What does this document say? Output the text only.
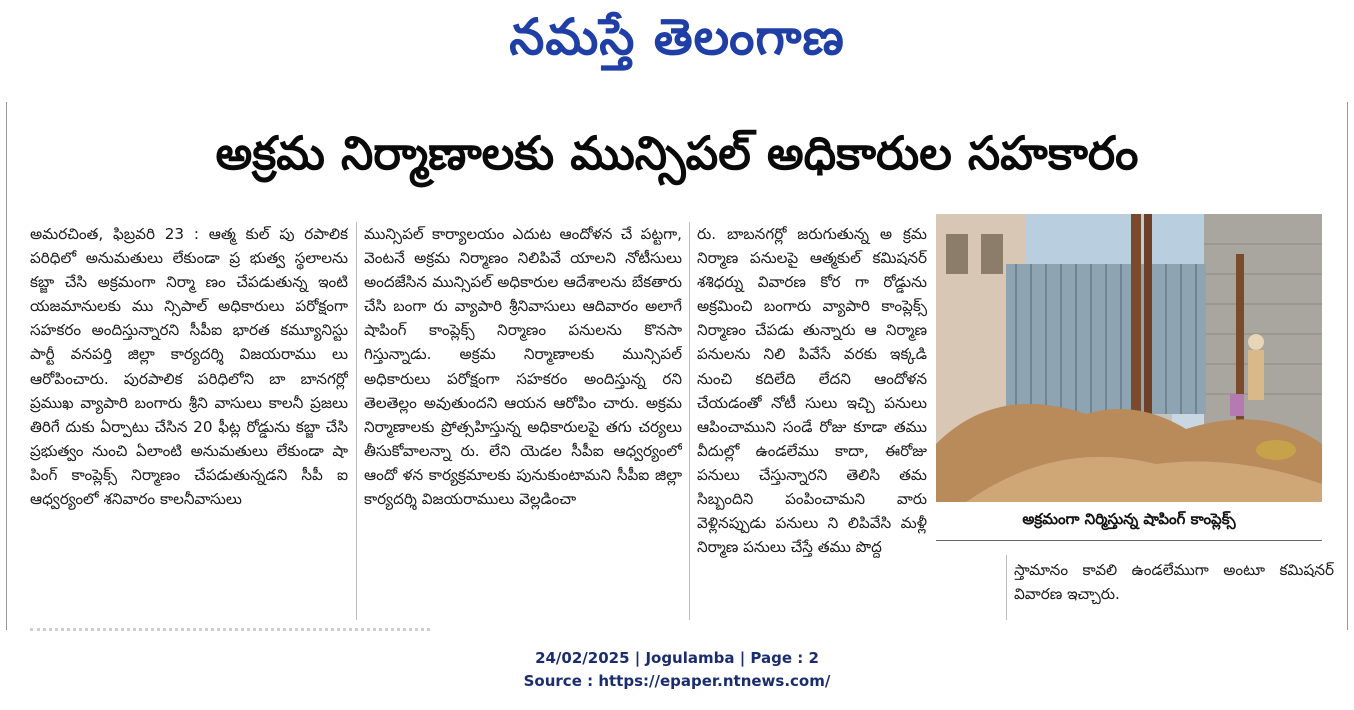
నమస్తే తెలంగాణ
అక్రమ నిర్మాణాలకు మున్సిపల్ అధికారుల సహకారం

అమరచింత, ఫిబ్రవరి 23 : ఆత్మ కుల్ పు రపాలిక పరిధిలో అనుమతులు లేకుండా ప్ర భుత్వ స్థలాలను కబ్జా చేసి అక్రమంగా నిర్మా ణం చేపడుతున్న ఇంటి యజమానులకు ము న్సిపాల్ అధికారులు పరోక్షంగా సహకరం అందిస్తున్నారని సీపీఐ భారత కమ్యూనిస్టు పార్టీ వనపర్తి జిల్లా కార్యదర్శి విజయరాము లు ఆరోపించారు. పురపాలిక పరిధిలోని బా బానగర్లో ప్రముఖ వ్యాపారి బంగారు శ్రీని వాసులు కాలనీ ప్రజలు తిరిగే దుకు ఏర్పాటు చేసిన 20 ఫీట్ల రోడ్డును కబ్జా చేసి ప్రభుత్వం నుంచి ఏలాంటి అనుమతులు లేకుండా షా పింగ్ కాంప్లెక్స్ నిర్మాణం చేపడుతున్నడని సీపీ ఐ ఆధ్వర్యంలో శనివారం కాలనీవాసులు

మున్సిపల్ కార్యాలయం ఎదుట ఆందోళన చే పట్టగా, వెంటనే అక్రమ నిర్మాణం నిలిపివే యాలని నోటీసులు అందజేసిన మున్సిపల్ అధికారుల ఆదేశాలను బేకతారు చేసి బంగా రు వ్యాపారి శ్రీనివాసులు ఆదివారం అలాగే షాపింగ్ కాంప్లెక్స్ నిర్మాణం పనులను కొనసా గిస్తున్నాడు. అక్రమ నిర్మాణాలకు మున్సిపల్ అధికారులు పరోక్షంగా సహకరం అందిస్తున్న రని తెలతెల్లం అవుతుందని ఆయన ఆరోపిం చారు. అక్రమ నిర్మాణాలకు ప్రోత్సహిస్తున్న అధికారులపై తగు చర్యలు తీసుకోవాలన్నా రు. లేని యెడల సీపీఐ ఆధ్వర్యంలో ఆందో ళన కార్యక్రమాలకు పునుకుంటామని సీపీఐ జిల్లా కార్యదర్శి విజయరాములు వెల్లడించా

రు. బాబనగర్లో జరుగుతున్న అ క్రమ నిర్మాణ పనులపై ఆత్మకుల్ కమిషనర్ శశిధర్ను వివారణ కోర గా రోడ్డును అక్రమించి బంగారు వ్యాపారి కాంప్లెక్స్ నిర్మాణం చేపడు తున్నారు ఆ నిర్మాణ పనులను నిలి పివేసే వరకు ఇక్కడి నుంచి కదిలేది లేదని ఆందోళన చేయడంతో నోటీ సులు ఇచ్చి పనులు ఆపించాముని సండే రోజు కూడా తము వీదుల్లో ఉండలేము కాదా, ఈరోజు పనులు చేస్తున్నారని తెలిసి తమ సిబ్బందిని పంపించామని వారు వెళ్లినప్పుడు పనులు ని లిపివేసి మళ్లీ నిర్మాణ పనులు చేస్తే తము పొద్ద

స్తామానం కావలి ఉండలేముగా అంటూ కమిషనర్ వివారణ ఇచ్చారు.

అక్రమంగా నిర్మిస్తున్న షాపింగ్ కాంప్లెక్స్
24/02/2025 | Jogulamba | Page : 2
Source : https://epaper.ntnews.com/
